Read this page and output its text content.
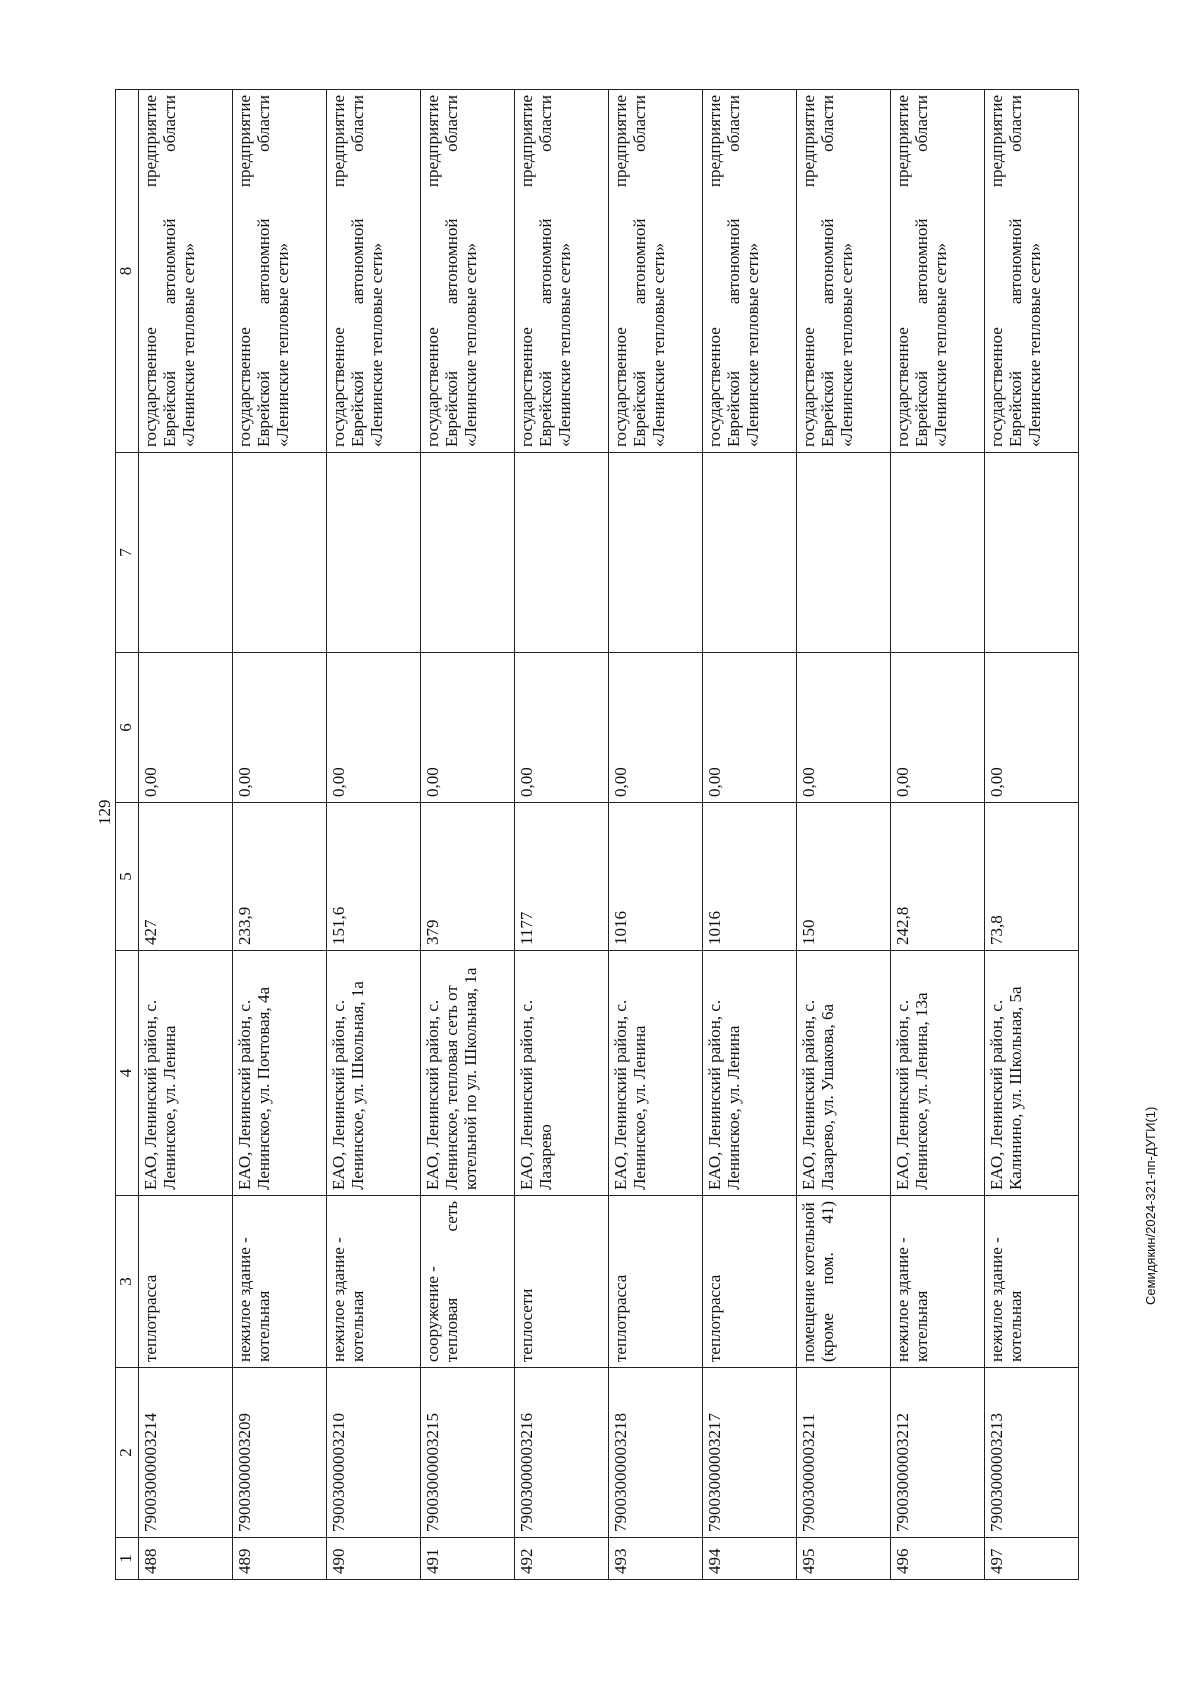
129
1	2	3	4	5	6	7	8
488	79003000003214	теплотрасса	ЕАО, Ленинский район, с. Ленинское, ул. Ленина	427	0,00		государственное предприятие Еврейской автономной области «Ленинские тепловые сети»

489	79003000003209	нежилое здание - котельная	ЕАО, Ленинский район, с. Ленинское, ул. Почтовая, 4а	233,9	0,00		государственное предприятие Еврейской автономной области «Ленинские тепловые сети»

490	79003000003210	нежилое здание - котельная	ЕАО, Ленинский район, с. Ленинское, ул. Школьная, 1а	151,6	0,00		государственное предприятие Еврейской автономной области «Ленинские тепловые сети»

491	79003000003215	сооружение - тепловая сеть	ЕАО, Ленинский район, с. Ленинское, тепловая сеть от котельной по ул. Школьная, 1а	379	0,00		государственное предприятие Еврейской автономной области «Ленинские тепловые сети»

492	79003000003216	теплосети	ЕАО, Ленинский район, с. Лазарево	1177	0,00		государственное предприятие Еврейской автономной области «Ленинские тепловые сети»

493	79003000003218	теплотрасса	ЕАО, Ленинский район, с. Ленинское, ул. Ленина	1016	0,00		государственное предприятие Еврейской автономной области «Ленинские тепловые сети»

494	79003000003217	теплотрасса	ЕАО, Ленинский район, с. Ленинское, ул. Ленина	1016	0,00		государственное предприятие Еврейской автономной области «Ленинские тепловые сети»

495	79003000003211	помещение котельной (кроме пом. 41)	ЕАО, Ленинский район, с. Лазарево, ул. Ушакова, 6а	150	0,00		государственное предприятие Еврейской автономной области «Ленинские тепловые сети»

496	79003000003212	нежилое здание - котельная	ЕАО, Ленинский район, с. Ленинское, ул. Ленина, 13а	242,8	0,00		государственное предприятие Еврейской автономной области «Ленинские тепловые сети»

497	79003000003213	нежилое здание - котельная	ЕАО, Ленинский район, с. Калинино, ул. Школьная, 5а	73,8	0,00		государственное предприятие Еврейской автономной области «Ленинские тепловые сети»
Семидякин/2024-321-пп-ДУГИ(1)
